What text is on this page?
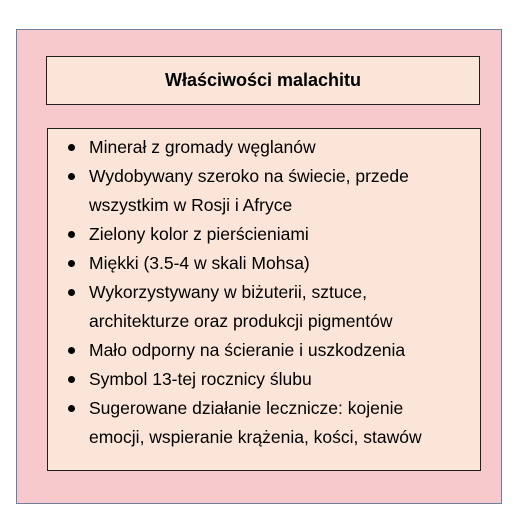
Właściwości malachitu
Minerał z gromady węglanów
Wydobywany szeroko na świecie, przede
wszystkim w Rosji i Afryce
Zielony kolor z pierścieniami
Miękki (3.5-4 w skali Mohsa)
Wykorzystywany w biżuterii, sztuce,
architekturze oraz produkcji pigmentów
Mało odporny na ścieranie i uszkodzenia
Symbol 13-tej rocznicy ślubu
Sugerowane działanie lecznicze: kojenie
emocji, wspieranie krążenia, kości, stawów
